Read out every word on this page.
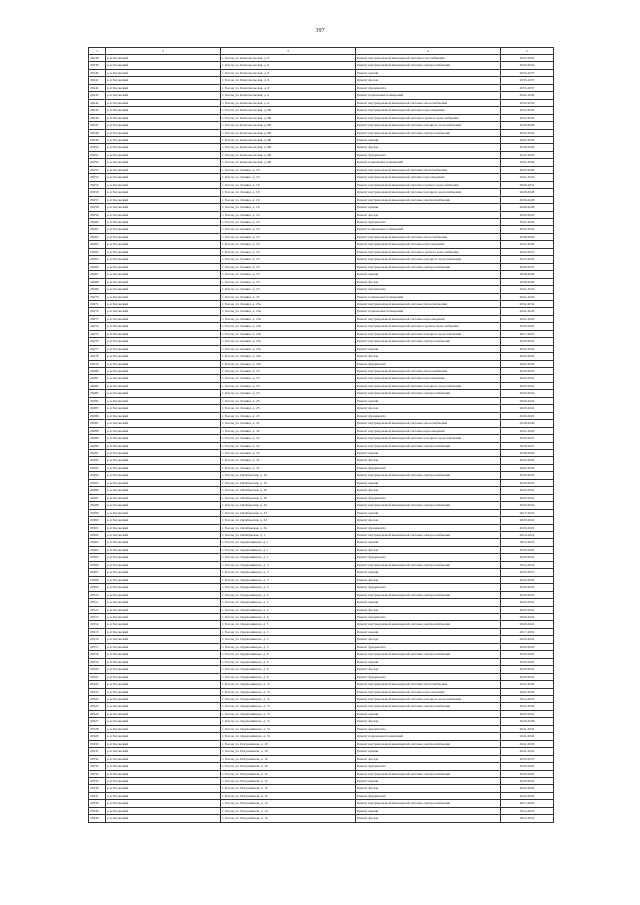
397
1	2	3	4	5
29238	р-н Хасанский	г. Хасан, ул. Комсомольская, д. 6	Ремонт внутридомовой инженерной системы газоснабжения	2023-2025
29239	р-н Хасанский	г. Хасан, ул. Комсомольская, д. 6	Ремонт внутридомовой инженерной системы электроснабжения	2020-2022
29240	р-н Хасанский	г. Хасан, ул. Комсомольская, д. 6	Ремонт крыши	2035-2037
29241	р-н Хасанский	г. Хасан, ул. Комсомольская, д. 6	Ремонт фасада	2035-2037
29242	р-н Хасанский	г. Хасан, ул. Комсомольская, д. 6	Ремонт фундамента	2035-2037
29243	р-н Хасанский	г. Хасан, ул. Комсомольская, д. 6	Ремонт подвальных помещений	2041-2043
29244	р-н Хасанский	г. Хасан, ул. Комсомольская, д. 6	Ремонт внутридомовой инженерной системы теплоснабжения	2032-2034
29245	р-н Хасанский	г. Хасан, ул. Комсомольская, д. 6Б	Ремонт внутридомовой инженерной системы водоотведения	2032-2034
29246	р-н Хасанский	г. Хасан, ул. Комсомольская, д. 6Б	Ремонт внутридомовой инженерной системы горячего водоснабжения	2032-2034
29247	р-н Хасанский	г. Хасан, ул. Комсомольская, д. 6Б	Ремонт внутридомовой инженерной системы холодного водоснабжения	2026-2028
29248	р-н Хасанский	г. Хасан, ул. Комсомольская, д. 6Б	Ремонт внутридомовой инженерной системы электроснабжения	2032-2034
29249	р-н Хасанский	г. Хасан, ул. Комсомольская, д. 6Б	Ремонт крыши	2041-2043
29250	р-н Хасанский	г. Хасан, ул. Комсомольская, д. 6Б	Ремонт фасада	2038-2040
29251	р-н Хасанский	г. Хасан, ул. Комсомольская, д. 6Б	Ремонт фундамента	2041-2043
29252	р-н Хасанский	г. Хасан, ул. Комсомольская, д. 6Б	Ремонт подвальных помещений	2041-2043
29253	р-н Хасанский	г. Хасан, ул. Ленина, д. 10	Ремонт внутридомовой инженерной системы теплоснабжения	2020-2040
29254	р-н Хасанский	г. Хасан, ул. Ленина, д. 10	Ремонт внутридомовой инженерной системы водоотведения	2041-2043
29255	р-н Хасанский	г. Хасан, ул. Ленина, д. 10	Ремонт внутридомовой инженерной системы горячего водоснабжения	2029-2031
29256	р-н Хасанский	г. Хасан, ул. Ленина, д. 10	Ремонт внутридомовой инженерной системы холодного водоснабжения	2026-2028
29257	р-н Хасанский	г. Хасан, ул. Ленина, д. 10	Ремонт внутридомовой инженерной системы электроснабжения	2026-2028
29258	р-н Хасанский	г. Хасан, ул. Ленина, д. 10	Ремонт крыши	2026-2028
29259	р-н Хасанский	г. Хасан, ул. Ленина, д. 10	Ремонт фасада	2020-2022
29260	р-н Хасанский	г. Хасан, ул. Ленина, д. 10	Ремонт фундамента	2041-2043
29261	р-н Хасанский	г. Хасан, ул. Ленина, д. 10	Ремонт подвальных помещений	2032-2034
29262	р-н Хасанский	г. Хасан, ул. Ленина, д. 23	Ремонт внутридомовой инженерной системы теплоснабжения	2038-2040
29263	р-н Хасанский	г. Хасан, ул. Ленина, д. 23	Ремонт внутридомовой инженерной системы водоотведения	2041-2043
29264	р-н Хасанский	г. Хасан, ул. Ленина, д. 23	Ремонт внутридомовой инженерной системы горячего водоснабжения	2029-2031
29265	р-н Хасанский	г. Хасан, ул. Ленина, д. 23	Ремонт внутридомовой инженерной системы холодного водоснабжения	2023-2025
29266	р-н Хасанский	г. Хасан, ул. Ленина, д. 23	Ремонт внутридомовой инженерной системы электроснабжения	2029-2031
29267	р-н Хасанский	г. Хасан, ул. Ленина, д. 23	Ремонт крыши	2038-2040
29268	р-н Хасанский	г. Хасан, ул. Ленина, д. 23	Ремонт фасада	2038-2040
29269	р-н Хасанский	г. Хасан, ул. Ленина, д. 23	Ремонт фундамента	2041-2043
29270	р-н Хасанский	г. Хасан, ул. Ленина, д. 23	Ремонт подвальных помещений	2041-2043
29271	р-н Хасанский	г. Хасан, ул. Ленина, д. 23а	Ремонт внутридомовой инженерной системы теплоснабжения	2032-2034
29272	р-н Хасанский	г. Хасан, ул. Ленина, д. 23а	Ремонт подвальных помещений	2041-2043
29273	р-н Хасанский	г. Хасан, ул. Ленина, д. 23а	Ремонт внутридомовой инженерной системы водоотведения	2041-2043
29274	р-н Хасанский	г. Хасан, ул. Ленина, д. 23а	Ремонт внутридомовой инженерной системы горячего водоснабжения	2020-2022
29275	р-н Хасанский	г. Хасан, ул. Ленина, д. 23а	Ремонт внутридомовой инженерной системы холодного водоснабжения	2017-2019
29276	р-н Хасанский	г. Хасан, ул. Ленина, д. 23а	Ремонт внутридомовой инженерной системы электроснабжения	2020-2022
29277	р-н Хасанский	г. Хасан, ул. Ленина, д. 23а	Ремонт крыши	2032-2034
29278	р-н Хасанский	г. Хасан, ул. Ленина, д. 23а	Ремонт фасада	2020-2022
29279	р-н Хасанский	г. Хасан, ул. Ленина, д. 23а	Ремонт фундамента	2041-2043
29280	р-н Хасанский	г. Хасан, ул. Ленина, д. 25	Ремонт внутридомовой инженерной системы теплоснабжения	2020-2022
29281	р-н Хасанский	г. Хасан, ул. Ленина, д. 25	Ремонт внутридомовой инженерной системы водоотведения	2020-2022
29282	р-н Хасанский	г. Хасан, ул. Ленина, д. 25	Ремонт внутридомовой инженерной системы холодного водоснабжения	2020-2022
29283	р-н Хасанский	г. Хасан, ул. Ленина, д. 25	Ремонт внутридомовой инженерной системы электроснабжения	2020-2022
29284	р-н Хасанский	г. Хасан, ул. Ленина, д. 25	Ремонт крыши	2020-2022
29285	р-н Хасанский	г. Хасан, ул. Ленина, д. 25	Ремонт фасада	2020-2022
29286	р-н Хасанский	г. Хасан, ул. Ленина, д. 25	Ремонт фундамента	2020-2022
29287	р-н Хасанский	г. Хасан, ул. Ленина, д. 32	Ремонт внутридомовой инженерной системы теплоснабжения	2038-2040
29288	р-н Хасанский	г. Хасан, ул. Ленина, д. 32	Ремонт внутридомовой инженерной системы водоотведения	2041-2043
29289	р-н Хасанский	г. Хасан, ул. Ленина, д. 32	Ремонт внутридомовой инженерной системы холодного водоснабжения	2029-2031
29290	р-н Хасанский	г. Хасан, ул. Ленина, д. 32	Ремонт внутридомовой инженерной системы электроснабжения	2018-2021
29291	р-н Хасанский	г. Хасан, ул. Ленина, д. 32	Ремонт крыши	2038-2040
29292	р-н Хасанский	г. Хасан, ул. Ленина, д. 32	Ремонт фасада	2020-2022
29293	р-н Хасанский	г. Хасан, ул. Ленина, д. 32	Ремонт фундамента	2041-2043
29294	р-н Хасанский	г. Хасан, ул. Октябрьская, д. 19	Ремонт внутридомовой инженерной системы электроснабжения	2020-2022
29295	р-н Хасанский	г. Хасан, ул. Октябрьская, д. 19	Ремонт крыши	2020-2022
29296	р-н Хасанский	г. Хасан, ул. Октябрьская, д. 19	Ремонт фасада	2020-2022
29297	р-н Хасанский	г. Хасан, ул. Октябрьская, д. 19	Ремонт фундамента	2020-2022
29298	р-н Хасанский	г. Хасан, ул. Октябрьская, д. 34	Ремонт внутридомовой инженерной системы электроснабжения	2020-2022
29299	р-н Хасанский	г. Хасан, ул. Октябрьская, д. 34	Ремонт крыши	2017-2019
29300	р-н Хасанский	г. Хасан, ул. Октябрьская, д. 34	Ремонт фасада	2020-2022
29301	р-н Хасанский	г. Хасан, ул. Октябрьская, д. 34	Ремонт фундамента	2020-2022
29302	р-н Хасанский	г. Хасан, ул. Октябрьская, д. 1	Ремонт внутридомовой инженерной системы электроснабжения	2014-2016
29303	р-н Хасанский	г. Хасан, ул. Орджоникидзе, д. 1	Ремонт крыши	2014-2016
29304	р-н Хасанский	г. Хасан, ул. Орджоникидзе, д. 1	Ремонт фасада	2020-2022
29305	р-н Хасанский	г. Хасан, ул. Орджоникидзе, д. 1	Ремонт фундамента	2020-2022
29306	р-н Хасанский	г. Хасан, ул. Орджоникидзе, д. 3	Ремонт внутридомовой инженерной системы электроснабжения	2014-2016
29307	р-н Хасанский	г. Хасан, ул. Орджоникидзе, д. 3	Ремонт крыши	2035-2037
29308	р-н Хасанский	г. Хасан, ул. Орджоникидзе, д. 3	Ремонт фасада	2020-2022
29309	р-н Хасанский	г. Хасан, ул. Орджоникидзе, д. 3	Ремонт фундамента	2020-2022
29310	р-н Хасанский	г. Хасан, ул. Орджоникидзе, д. 4	Ремонт внутридомовой инженерной системы электроснабжения	2020-2022
29311	р-н Хасанский	г. Хасан, ул. Орджоникидзе, д. 4	Ремонт крыши	2020-2022
29312	р-н Хасанский	г. Хасан, ул. Орджоникидзе, д. 4	Ремонт фасада	2020-2022
29313	р-н Хасанский	г. Хасан, ул. Орджоникидзе, д. 4	Ремонт фундамента	2020-2022
29314	р-н Хасанский	г. Хасан, ул. Орджоникидзе, д. 5	Ремонт внутридомовой инженерной системы электроснабжения	2020-2022
29315	р-н Хасанский	г. Хасан, ул. Орджоникидзе, д. 5	Ремонт крыши	2017-2019
29316	р-н Хасанский	г. Хасан, ул. Орджоникидзе, д. 5	Ремонт фасада	2020-2022
29317	р-н Хасанский	г. Хасан, ул. Орджоникидзе, д. 5	Ремонт фундамента	2020-2022
29318	р-н Хасанский	г. Хасан, ул. Орджоникидзе, д. 9	Ремонт внутридомовой инженерной системы электроснабжения	2020-2022
29319	р-н Хасанский	г. Хасан, ул. Орджоникидзе, д. 9	Ремонт крыши	2020-2022
29320	р-н Хасанский	г. Хасан, ул. Орджоникидзе, д. 9	Ремонт фасада	2020-2022
29321	р-н Хасанский	г. Хасан, ул. Орджоникидзе, д. 9	Ремонт фундамента	2020-2022
29322	р-н Хасанский	г. Хасан, ул. Орджоникидзе, д. 7а	Ремонт внутридомовой инженерной системы теплоснабжения	2041-2043
29323	р-н Хасанский	г. Хасан, ул. Орджоникидзе, д. 7а	Ремонт внутридомовой инженерной системы водоотведения	2041-2043
29324	р-н Хасанский	г. Хасан, ул. Орджоникидзе, д. 7а	Ремонт внутридомовой инженерной системы холодного водоснабжения	2014-2016
29325	р-н Хасанский	г. Хасан, ул. Орджоникидзе, д. 7а	Ремонт внутридомовой инженерной системы электроснабжения	2032-2034
29326	р-н Хасанский	г. Хасан, ул. Орджоникидзе, д. 7а	Ремонт крыши	2020-2022
29327	р-н Хасанский	г. Хасан, ул. Орджоникидзе, д. 7а	Ремонт фасада	2026-2028
29328	р-н Хасанский	г. Хасан, ул. Орджоникидзе, д. 7а	Ремонт фундамента	2041-2043
29329	р-н Хасанский	г. Хасан, ул. Орджоникидзе, д. 7а	Ремонт подвальных помещений	2041-2043
29330	р-н Хасанский	г. Хасан, ул. Пограничная, д. 10	Ремонт внутридомовой инженерной системы электроснабжения	2041-2043
29331	р-н Хасанский	г. Хасан, ул. Пограничная, д. 10	Ремонт крыши	2041-2043
29332	р-н Хасанский	г. Хасан, ул. Пограничная, д. 10	Ремонт фасада	2035-2037
29333	р-н Хасанский	г. Хасан, ул. Пограничная, д. 10	Ремонт фундамента	2020-2022
29334	р-н Хасанский	г. Хасан, ул. Пограничная, д. 12	Ремонт внутридомовой инженерной системы электроснабжения	2020-2022
29335	р-н Хасанский	г. Хасан, ул. Пограничная, д. 12	Ремонт крыши	2020-2022
29336	р-н Хасанский	г. Хасан, ул. Пограничная, д. 12	Ремонт фасада	2020-2022
29337	р-н Хасанский	г. Хасан, ул. Пограничная, д. 12	Ремонт фундамента	2020-2022
29338	р-н Хасанский	г. Хасан, ул. Пограничная, д. 14	Ремонт внутридомовой инженерной системы электроснабжения	2017-2019
29339	р-н Хасанский	г. Хасан, ул. Пограничная, д. 14	Ремонт крыши	2014-2016
29340	р-н Хасанский	г. Хасан, ул. Пограничная, д. 14	Ремонт фасада	2014-2016
